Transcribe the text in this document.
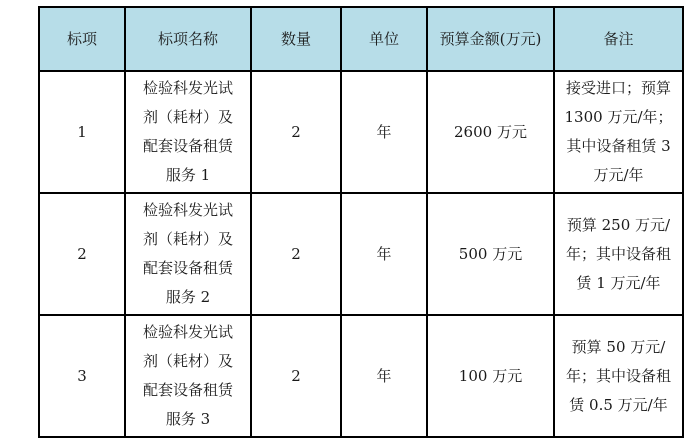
标项	标项名称	数量	单位	预算金额(万元)	备注
1	检验科发光试剂（耗材）及配套设备租赁服务 1	2	年	2600 万元	接受进口；预算 1300 万元/年；其中设备租赁 3 万元/年
2	检验科发光试剂（耗材）及配套设备租赁服务 2	2	年	500 万元	预算 250 万元/年；其中设备租赁 1 万元/年
3	检验科发光试剂（耗材）及配套设备租赁服务 3	2	年	100 万元	预算 50 万元/年；其中设备租赁 0.5 万元/年
